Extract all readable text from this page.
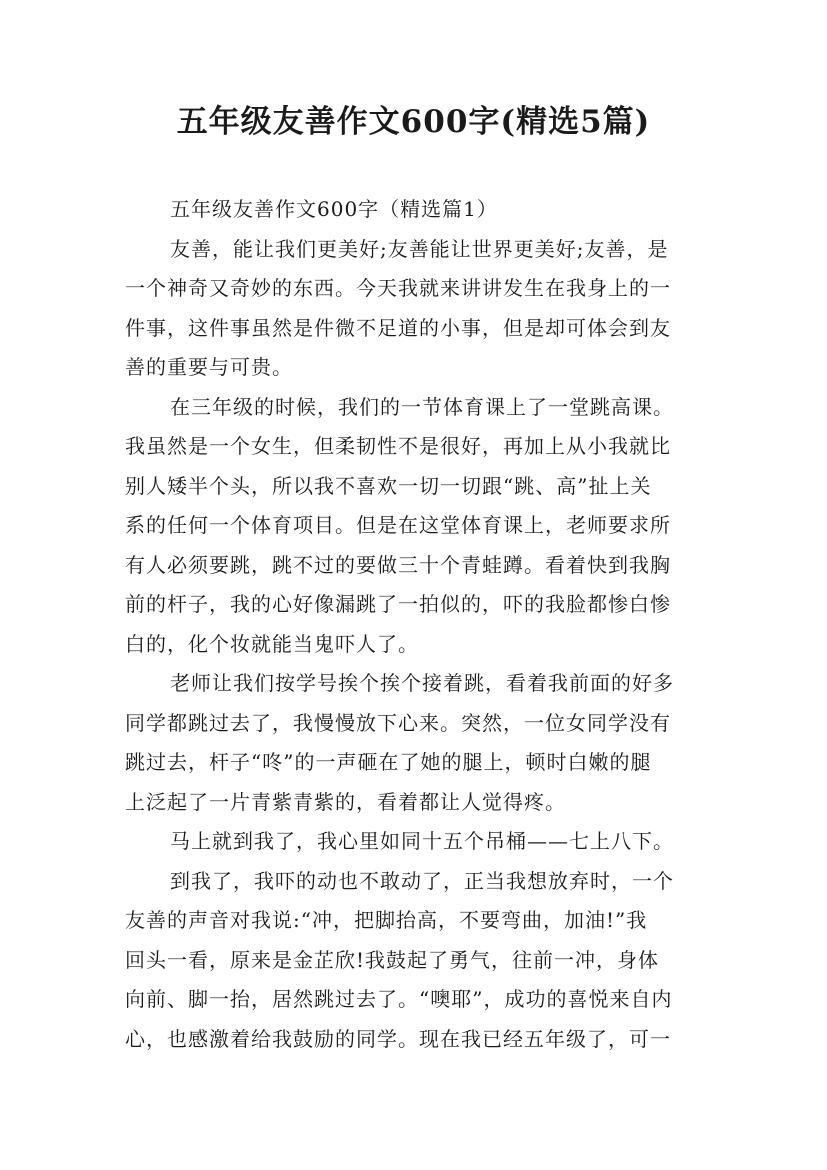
五年级友善作文600字(精选5篇)
五年级友善作文600字（精选篇1）
友善，能让我们更美好;友善能让世界更美好;友善，是
一个神奇又奇妙的东西。今天我就来讲讲发生在我身上的一
件事，这件事虽然是件微不足道的小事，但是却可体会到友
善的重要与可贵。
在三年级的时候，我们的一节体育课上了一堂跳高课。
我虽然是一个女生，但柔韧性不是很好，再加上从小我就比
别人矮半个头，所以我不喜欢一切一切跟“跳、高”扯上关
系的任何一个体育项目。但是在这堂体育课上，老师要求所
有人必须要跳，跳不过的要做三十个青蛙蹲。看着快到我胸
前的杆子，我的心好像漏跳了一拍似的，吓的我脸都惨白惨
白的，化个妆就能当鬼吓人了。
老师让我们按学号挨个挨个接着跳，看着我前面的好多
同学都跳过去了，我慢慢放下心来。突然，一位女同学没有
跳过去，杆子“咚”的一声砸在了她的腿上，顿时白嫩的腿
上泛起了一片青紫青紫的，看着都让人觉得疼。
马上就到我了，我心里如同十五个吊桶——七上八下。
到我了，我吓的动也不敢动了，正当我想放弃时，一个
友善的声音对我说:“冲，把脚抬高，不要弯曲，加油!”我
回头一看，原来是金芷欣!我鼓起了勇气，往前一冲，身体
向前、脚一抬，居然跳过去了。“噢耶”，成功的喜悦来自内
心，也感激着给我鼓励的同学。现在我已经五年级了，可一
